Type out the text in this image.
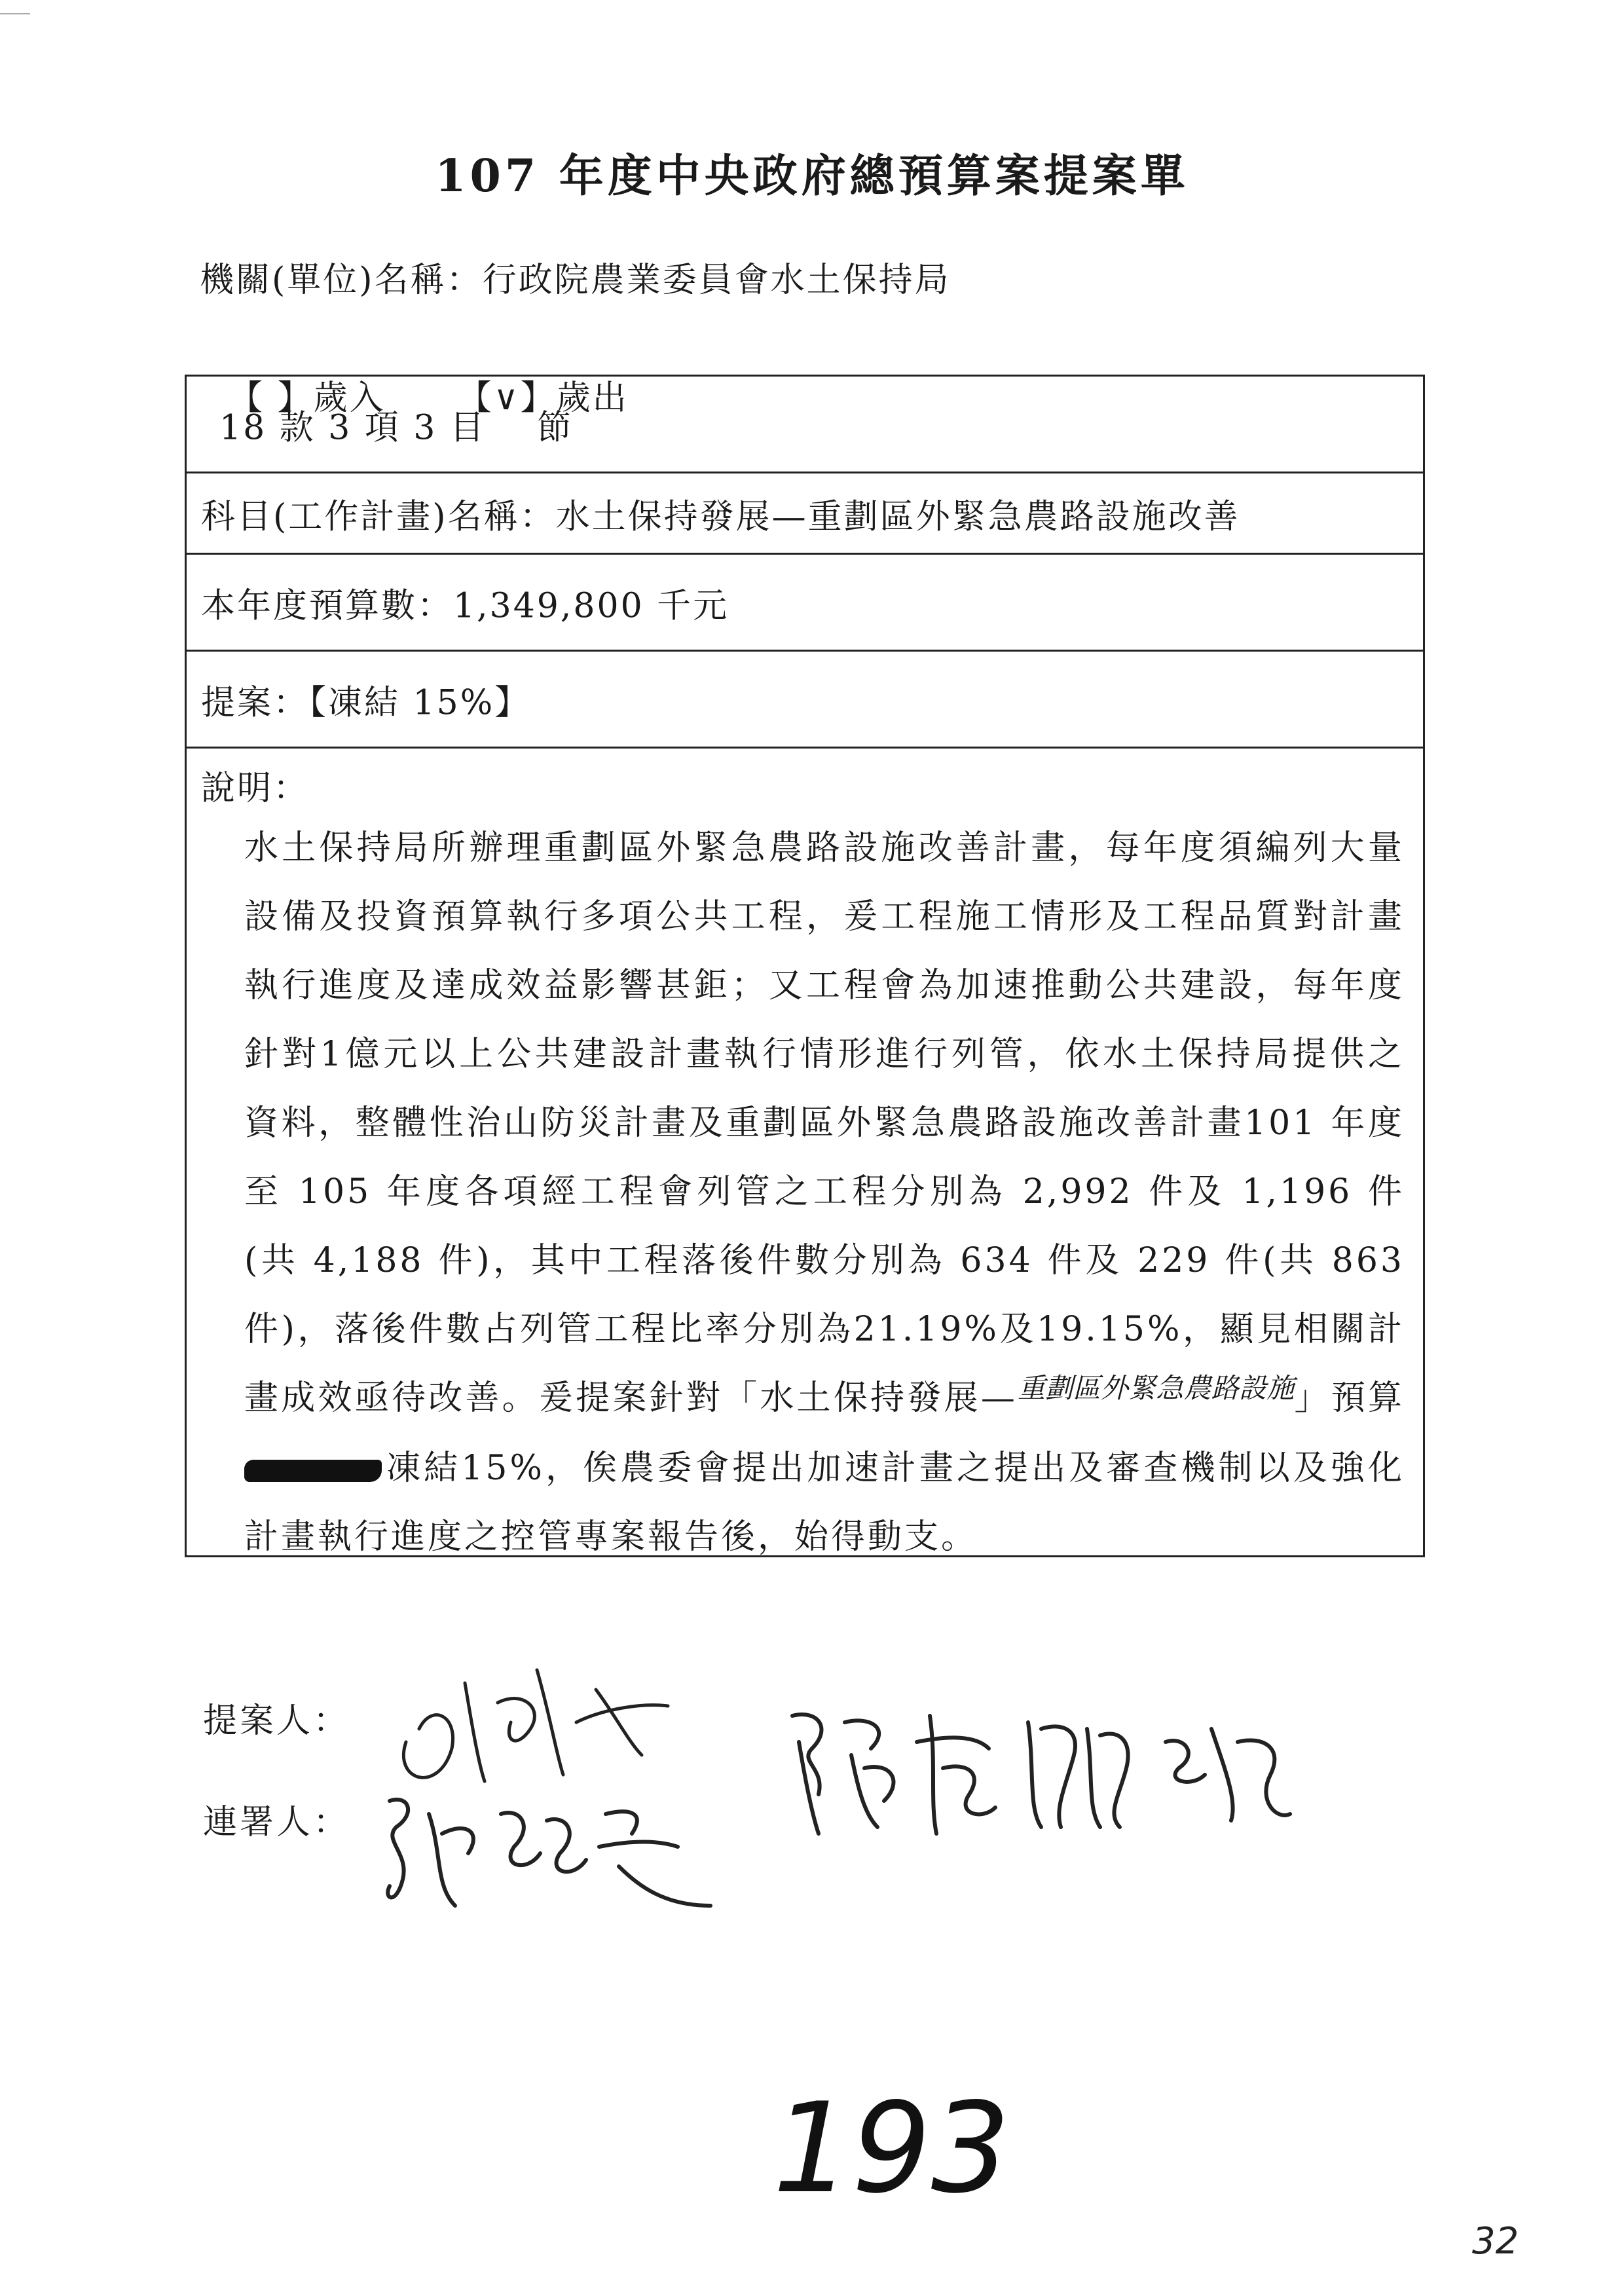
107 年度中央政府總預算案提案單
機關(單位)名稱：行政院農業委員會水土保持局

【 】歲入 【∨】歲出

18 款 3 項 3 目    節
科目(工作計畫)名稱：水土保持發展—重劃區外緊急農路設施改善
本年度預算數：1,349,800 千元
提案：【凍結 15%】
說明：
水土保持局所辦理重劃區外緊急農路設施改善計畫，每年度須編列大量設備及投資預算執行多項公共工程，爰工程施工情形及工程品質對計畫執行進度及達成效益影響甚鉅；又工程會為加速推動公共建設，每年度針對1億元以上公共建設計畫執行情形進行列管，依水土保持局提供之資料，整體性治山防災計畫及重劃區外緊急農路設施改善計畫101 年度至 105 年度各項經工程會列管之工程分別為 2,992 件及 1,196 件(共 4,188 件)，其中工程落後件數分別為 634 件及 229 件(共 863 件)，落後件數占列管工程比率分別為21.19%及19.15%，顯見相關計畫成效亟待改善。爰提案針對「水土保持發展—$^{重劃區外緊急農路設施}$」預算凍結15%，俟農委會提出加速計畫之提出及審查機制以及強化計畫執行進度之控管專案報告後，始得動支。
提案人：
連署人：
193
32
